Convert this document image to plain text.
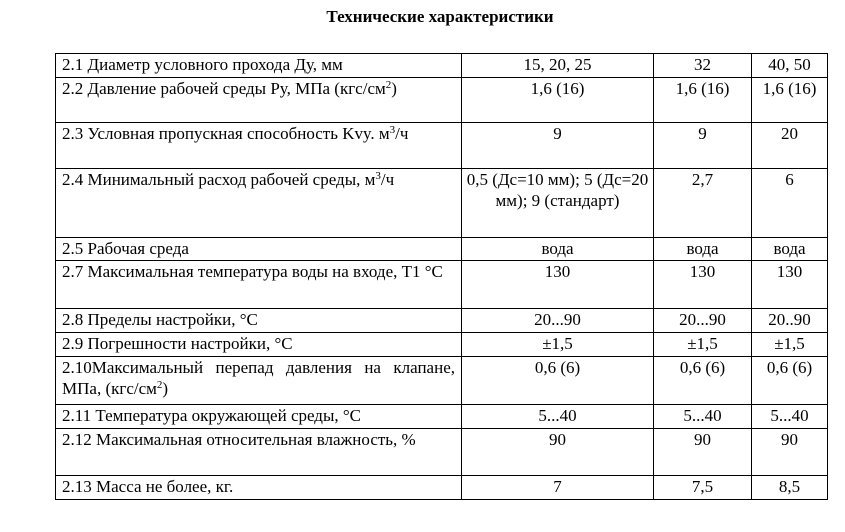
Технические характеристики
2.1 Диаметр условного прохода Ду, мм	15, 20, 25	32	40, 50
2.2 Давление рабочей среды Ру, МПа $(кгс/см^2)$	1,6 (16)	1,6 (16)	1,6 (16)
2.3 Условная пропускная способность Kvy. $м^3/ч$	9	9	20
2.4 Минимальный расход рабочей среды, $м^3/ч$	0,5 (Дс=10 мм); 5 (Дс=20 мм); 9 (стандарт)	2,7	6
2.5 Рабочая среда	вода	вода	вода
2.7 Максимальная температура воды на входе, T1 °C	130	130	130
2.8 Пределы настройки, °C	20...90	20...90	20..90
2.9 Погрешности настройки, °C	±1,5	±1,5	±1,5
2.10Максимальный перепад давления на клапане, МПа, $(кгс/см^2)$	0,6 (6)	0,6 (6)	0,6 (6)
2.11 Температура окружающей среды, °C	5...40	5...40	5...40
2.12 Максимальная относительная влажность, %	90	90	90
2.13 Масса не более, кг.	7	7,5	8,5
